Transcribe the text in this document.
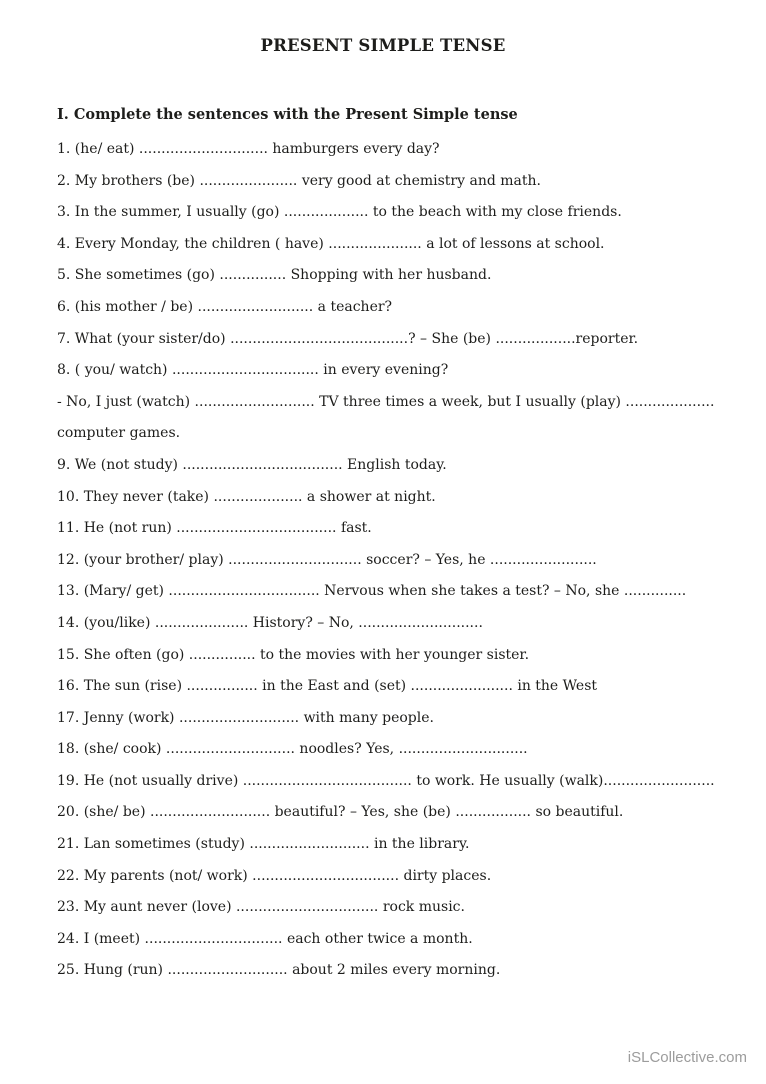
PRESENT SIMPLE TENSE
I. Complete the sentences with the Present Simple tense

1. (he/ eat) ............................. hamburgers every day?

2. My brothers (be) ...................... very good at chemistry and math.

3. In the summer, I usually (go) ................... to the beach with my close friends.

4. Every Monday, the children ( have) ..................... a lot of lessons at school.

5. She sometimes (go) ............... Shopping with her husband.

6. (his mother / be) .......................... a teacher?

7. What (your sister/do) ........................................? – She (be) ..................reporter.

8. ( you/ watch) ................................. in every evening?

- No, I just (watch) ........................... TV three times a week, but I usually (play) ....................

computer games.

9. We (not study) .................................... English today.

10. They never (take) .................... a shower at night.

11. He (not run) .................................... fast.

12. (your brother/ play) .............................. soccer? – Yes, he ........................

13. (Mary/ get) .................................. Nervous when she takes a test? – No, she ..............

14. (you/like) ..................... History? – No, ............................

15. She often (go) ............... to the movies with her younger sister.

16. The sun (rise) ................ in the East and (set) ....................... in the West

17. Jenny (work) ........................... with many people.

18. (she/ cook) ............................. noodles? Yes, .............................

19. He (not usually drive) ...................................... to work. He usually (walk).........................

20. (she/ be) ........................... beautiful? – Yes, she (be) ................. so beautiful.

21. Lan sometimes (study) ........................... in the library.

22. My parents (not/ work) ................................. dirty places.

23. My aunt never (love) ................................ rock music.

24. I (meet) ............................... each other twice a month.

25. Hung (run) ........................... about 2 miles every morning.

iSLCollective.com
